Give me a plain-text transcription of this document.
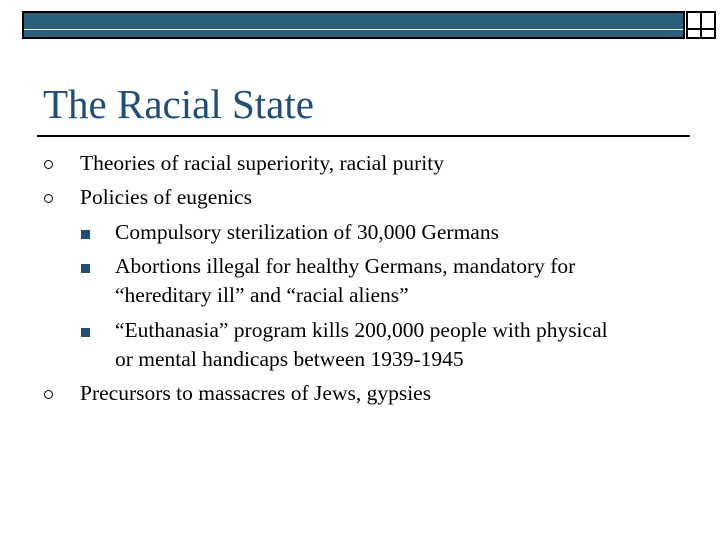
The Racial State
Theories of racial superiority, racial purity
Policies of eugenics
Compulsory sterilization of 30,000 Germans
Abortions illegal for healthy Germans, mandatory for
“hereditary ill” and “racial aliens”
“Euthanasia” program kills 200,000 people with physical
or mental handicaps between 1939-1945
Precursors to massacres of Jews, gypsies
